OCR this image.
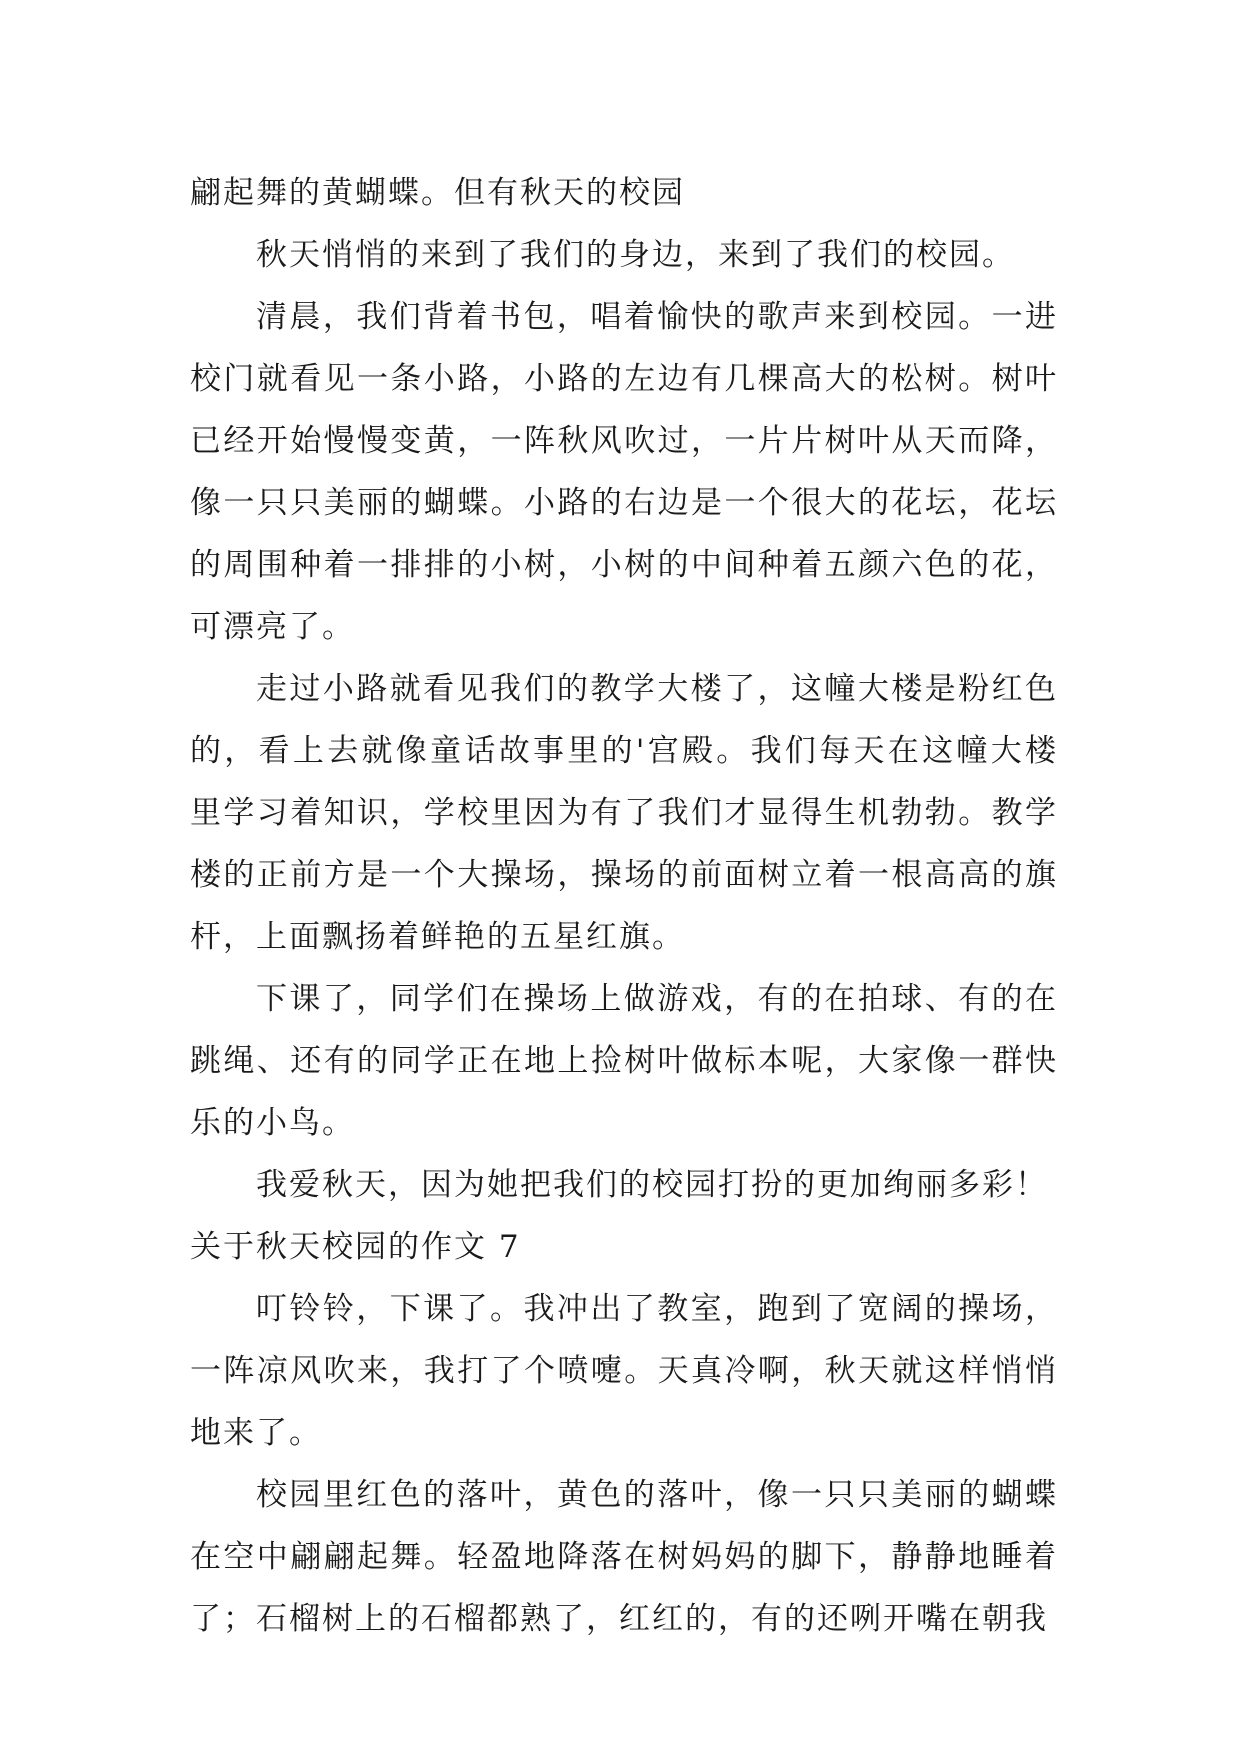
翩起舞的黄蝴蝶。但有秋天的校园

秋天悄悄的来到了我们的身边，来到了我们的校园。

清晨，我们背着书包，唱着愉快的歌声来到校园。一进校门就看见一条小路，小路的左边有几棵高大的松树。树叶已经开始慢慢变黄，一阵秋风吹过，一片片树叶从天而降，像一只只美丽的蝴蝶。小路的右边是一个很大的花坛，花坛的周围种着一排排的小树，小树的中间种着五颜六色的花，可漂亮了。

走过小路就看见我们的教学大楼了，这幢大楼是粉红色的，看上去就像童话故事里的'宫殿。我们每天在这幢大楼里学习着知识，学校里因为有了我们才显得生机勃勃。教学楼的正前方是一个大操场，操场的前面树立着一根高高的旗杆，上面飘扬着鲜艳的五星红旗。

下课了，同学们在操场上做游戏，有的在拍球、有的在跳绳、还有的同学正在地上捡树叶做标本呢，大家像一群快乐的小鸟。

我爱秋天，因为她把我们的校园打扮的更加绚丽多彩！

关于秋天校园的作文 7

叮铃铃，下课了。我冲出了教室，跑到了宽阔的操场，一阵凉风吹来，我打了个喷嚏。天真冷啊，秋天就这样悄悄地来了。

校园里红色的落叶，黄色的落叶，像一只只美丽的蝴蝶在空中翩翩起舞。轻盈地降落在树妈妈的脚下，静静地睡着了；石榴树上的石榴都熟了，红红的，有的还咧开嘴在朝我
